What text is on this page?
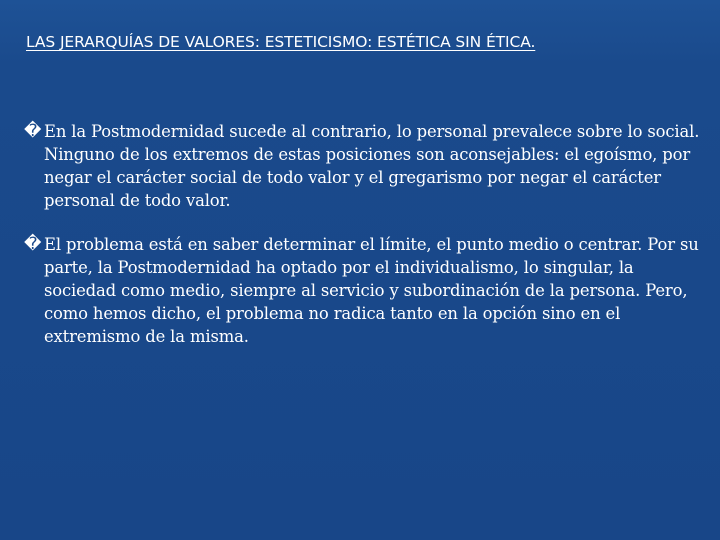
LAS JERARQUÍAS DE VALORES: ESTETICISMO: ESTÉTICA SIN ÉTICA.
� En la Postmodernidad sucede al contrario, lo personal prevalece sobre lo social. Ninguno de los extremos de estas posiciones son aconsejables: el egoísmo, por negar el carácter social de todo valor y el gregarismo por negar el carácter personal de todo valor.
� El problema está en saber determinar el límite, el punto medio o centrar. Por su parte, la Postmodernidad ha optado por el individualismo, lo singular, la sociedad como medio, siempre al servicio y subordinación de la persona. Pero, como hemos dicho, el problema no radica tanto en la opción sino en el extremismo de la misma.
